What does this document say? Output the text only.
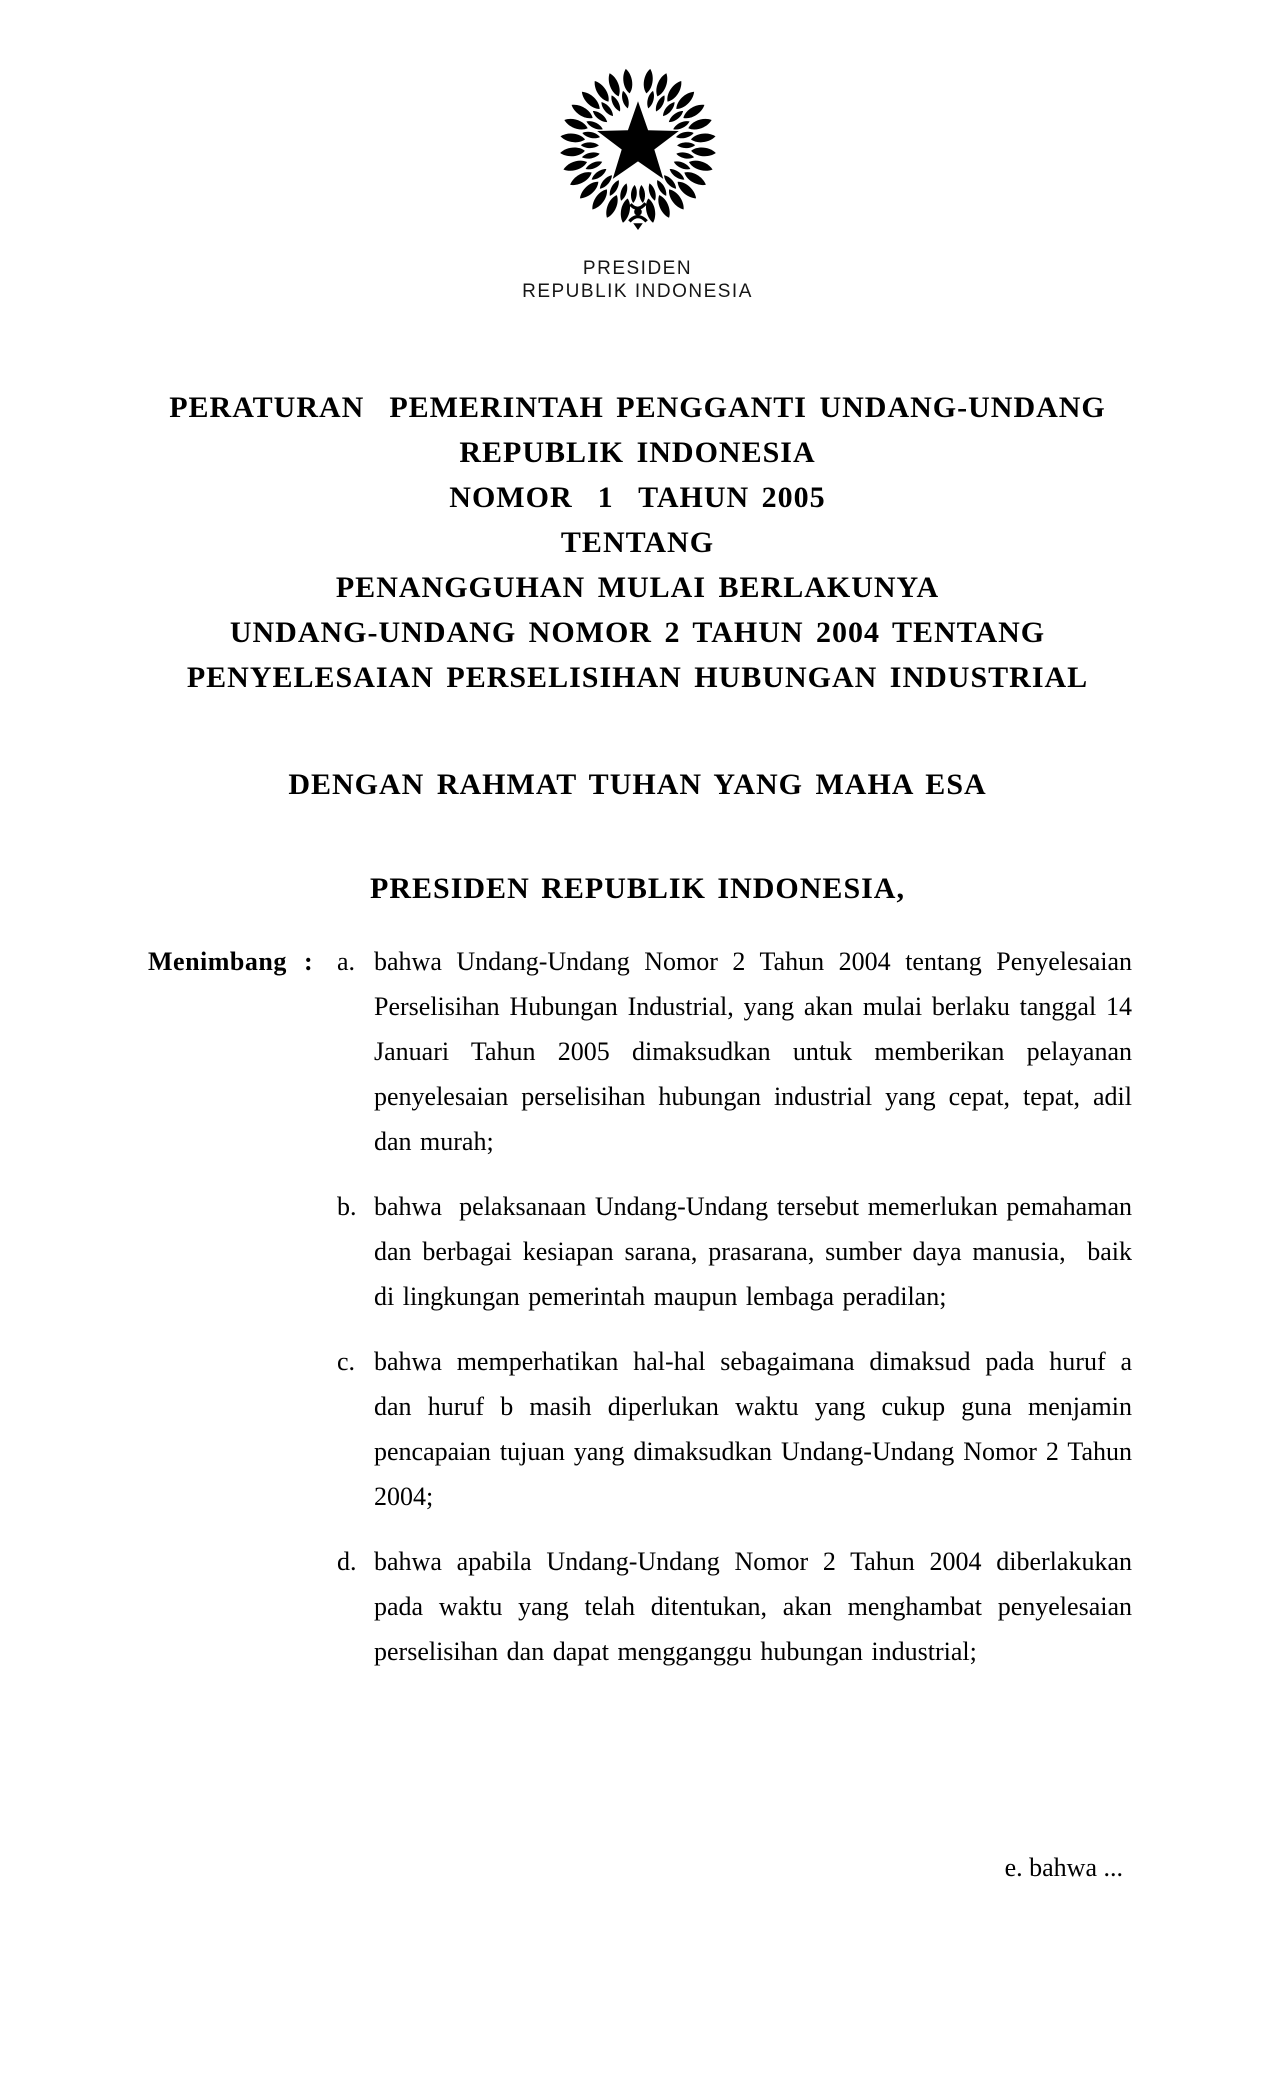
PRESIDEN
REPUBLIK INDONESIA
PERATURAN  PEMERINTAH PENGGANTI UNDANG-UNDANG
REPUBLIK INDONESIA
NOMOR  1  TAHUN 2005
TENTANG
PENANGGUHAN MULAI BERLAKUNYA
UNDANG-UNDANG NOMOR 2 TAHUN 2004 TENTANG
PENYELESAIAN PERSELISIHAN HUBUNGAN INDUSTRIAL
DENGAN RAHMAT TUHAN YANG MAHA ESA
PRESIDEN REPUBLIK INDONESIA,
Menimbang : a. bahwa Undang-Undang Nomor 2 Tahun 2004 tentang Penyelesaian Perselisihan Hubungan Industrial, yang akan mulai berlaku tanggal 14 Januari Tahun 2005 dimaksudkan untuk memberikan pelayanan penyelesaian perselisihan hubungan industrial yang cepat, tepat, adil dan murah;
b. bahwa  pelaksanaan Undang-Undang tersebut memerlukan pemahaman dan berbagai kesiapan sarana, prasarana, sumber daya manusia,  baik di lingkungan pemerintah maupun lembaga peradilan;
c. bahwa memperhatikan hal-hal sebagaimana dimaksud pada huruf a dan huruf b masih diperlukan waktu yang cukup guna menjamin pencapaian tujuan yang dimaksudkan Undang-Undang Nomor 2 Tahun 2004;
d. bahwa apabila Undang-Undang Nomor 2 Tahun 2004 diberlakukan pada waktu yang telah ditentukan, akan menghambat penyelesaian perselisihan dan dapat mengganggu hubungan industrial;
e. bahwa ...
